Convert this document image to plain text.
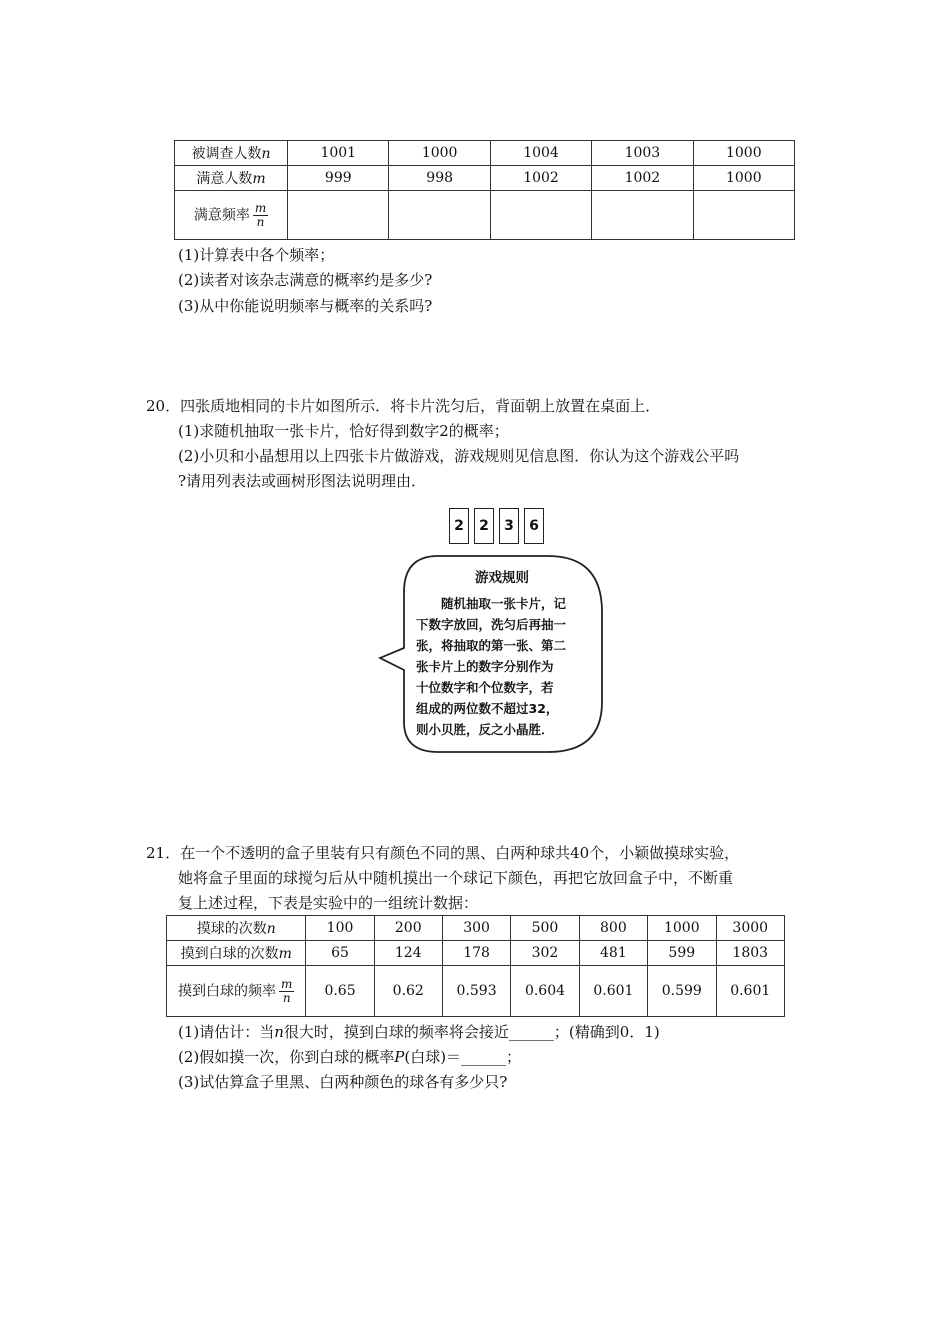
被调查人数n	1001	1000	1004	1003	1000
满意人数m	999	998	1002	1002	1000
满意频率 $\frac{m}{n}$

(1)计算表中各个频率；
(2)读者对该杂志满意的概率约是多少?
(3)从中你能说明频率与概率的关系吗?
20．四张质地相同的卡片如图所示．将卡片洗匀后，背面朝上放置在桌面上．
(1)求随机抽取一张卡片，恰好得到数字2的概率；
(2)小贝和小晶想用以上四张卡片做游戏，游戏规则见信息图．你认为这个游戏公平吗
?请用列表法或画树形图法说明理由．
2	2	3	6
游戏规则
随机抽取一张卡片，记
下数字放回，洗匀后再抽一
张，将抽取的第一张、第二
张卡片上的数字分别作为
十位数字和个位数字，若
组成的两位数不超过32，
则小贝胜，反之小晶胜．
21．在一个不透明的盒子里装有只有颜色不同的黑、白两种球共40个，小颖做摸球实验，
她将盒子里面的球搅匀后从中随机摸出一个球记下颜色，再把它放回盒子中，不断重
复上述过程，下表是实验中的一组统计数据：
摸球的次数n	100	200	300	500	800	1000	3000
摸到白球的次数m	65	124	178	302	481	599	1803
摸到白球的频率 $\frac{m}{n}$	0.65	0.62	0.593	0.604	0.601	0.599	0.601
(1)请估计：当n很大时，摸到白球的频率将会接近______；(精确到0．1)
(2)假如摸一次，你到白球的概率P(白球)＝______；
(3)试估算盒子里黑、白两种颜色的球各有多少只?
